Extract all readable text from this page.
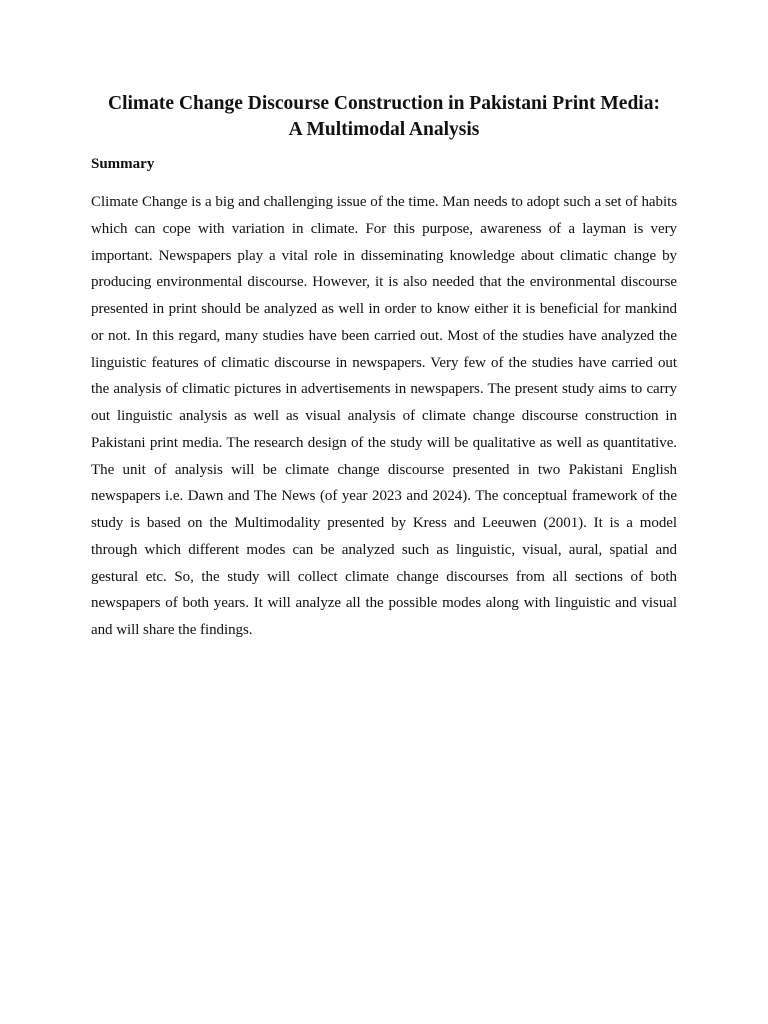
Climate Change Discourse Construction in Pakistani Print Media:
A Multimodal Analysis
Summary

Climate Change is a big and challenging issue of the time. Man needs to adopt such a set of habits which can cope with variation in climate. For this purpose, awareness of a layman is very important. Newspapers play a vital role in disseminating knowledge about climatic change by producing environmental discourse. However, it is also needed that the environmental discourse presented in print should be analyzed as well in order to know either it is beneficial for mankind or not. In this regard, many studies have been carried out. Most of the studies have analyzed the linguistic features of climatic discourse in newspapers. Very few of the studies have carried out the analysis of climatic pictures in advertisements in newspapers. The present study aims to carry out linguistic analysis as well as visual analysis of climate change discourse construction in Pakistani print media. The research design of the study will be qualitative as well as quantitative. The unit of analysis will be climate change discourse presented in two Pakistani English newspapers i.e. Dawn and The News (of year 2023 and 2024). The conceptual framework of the study is based on the Multimodality presented by Kress and Leeuwen (2001). It is a model through which different modes can be analyzed such as linguistic, visual, aural, spatial and gestural etc. So, the study will collect climate change discourses from all sections of both newspapers of both years. It will analyze all the possible modes along with linguistic and visual and will share the findings.
